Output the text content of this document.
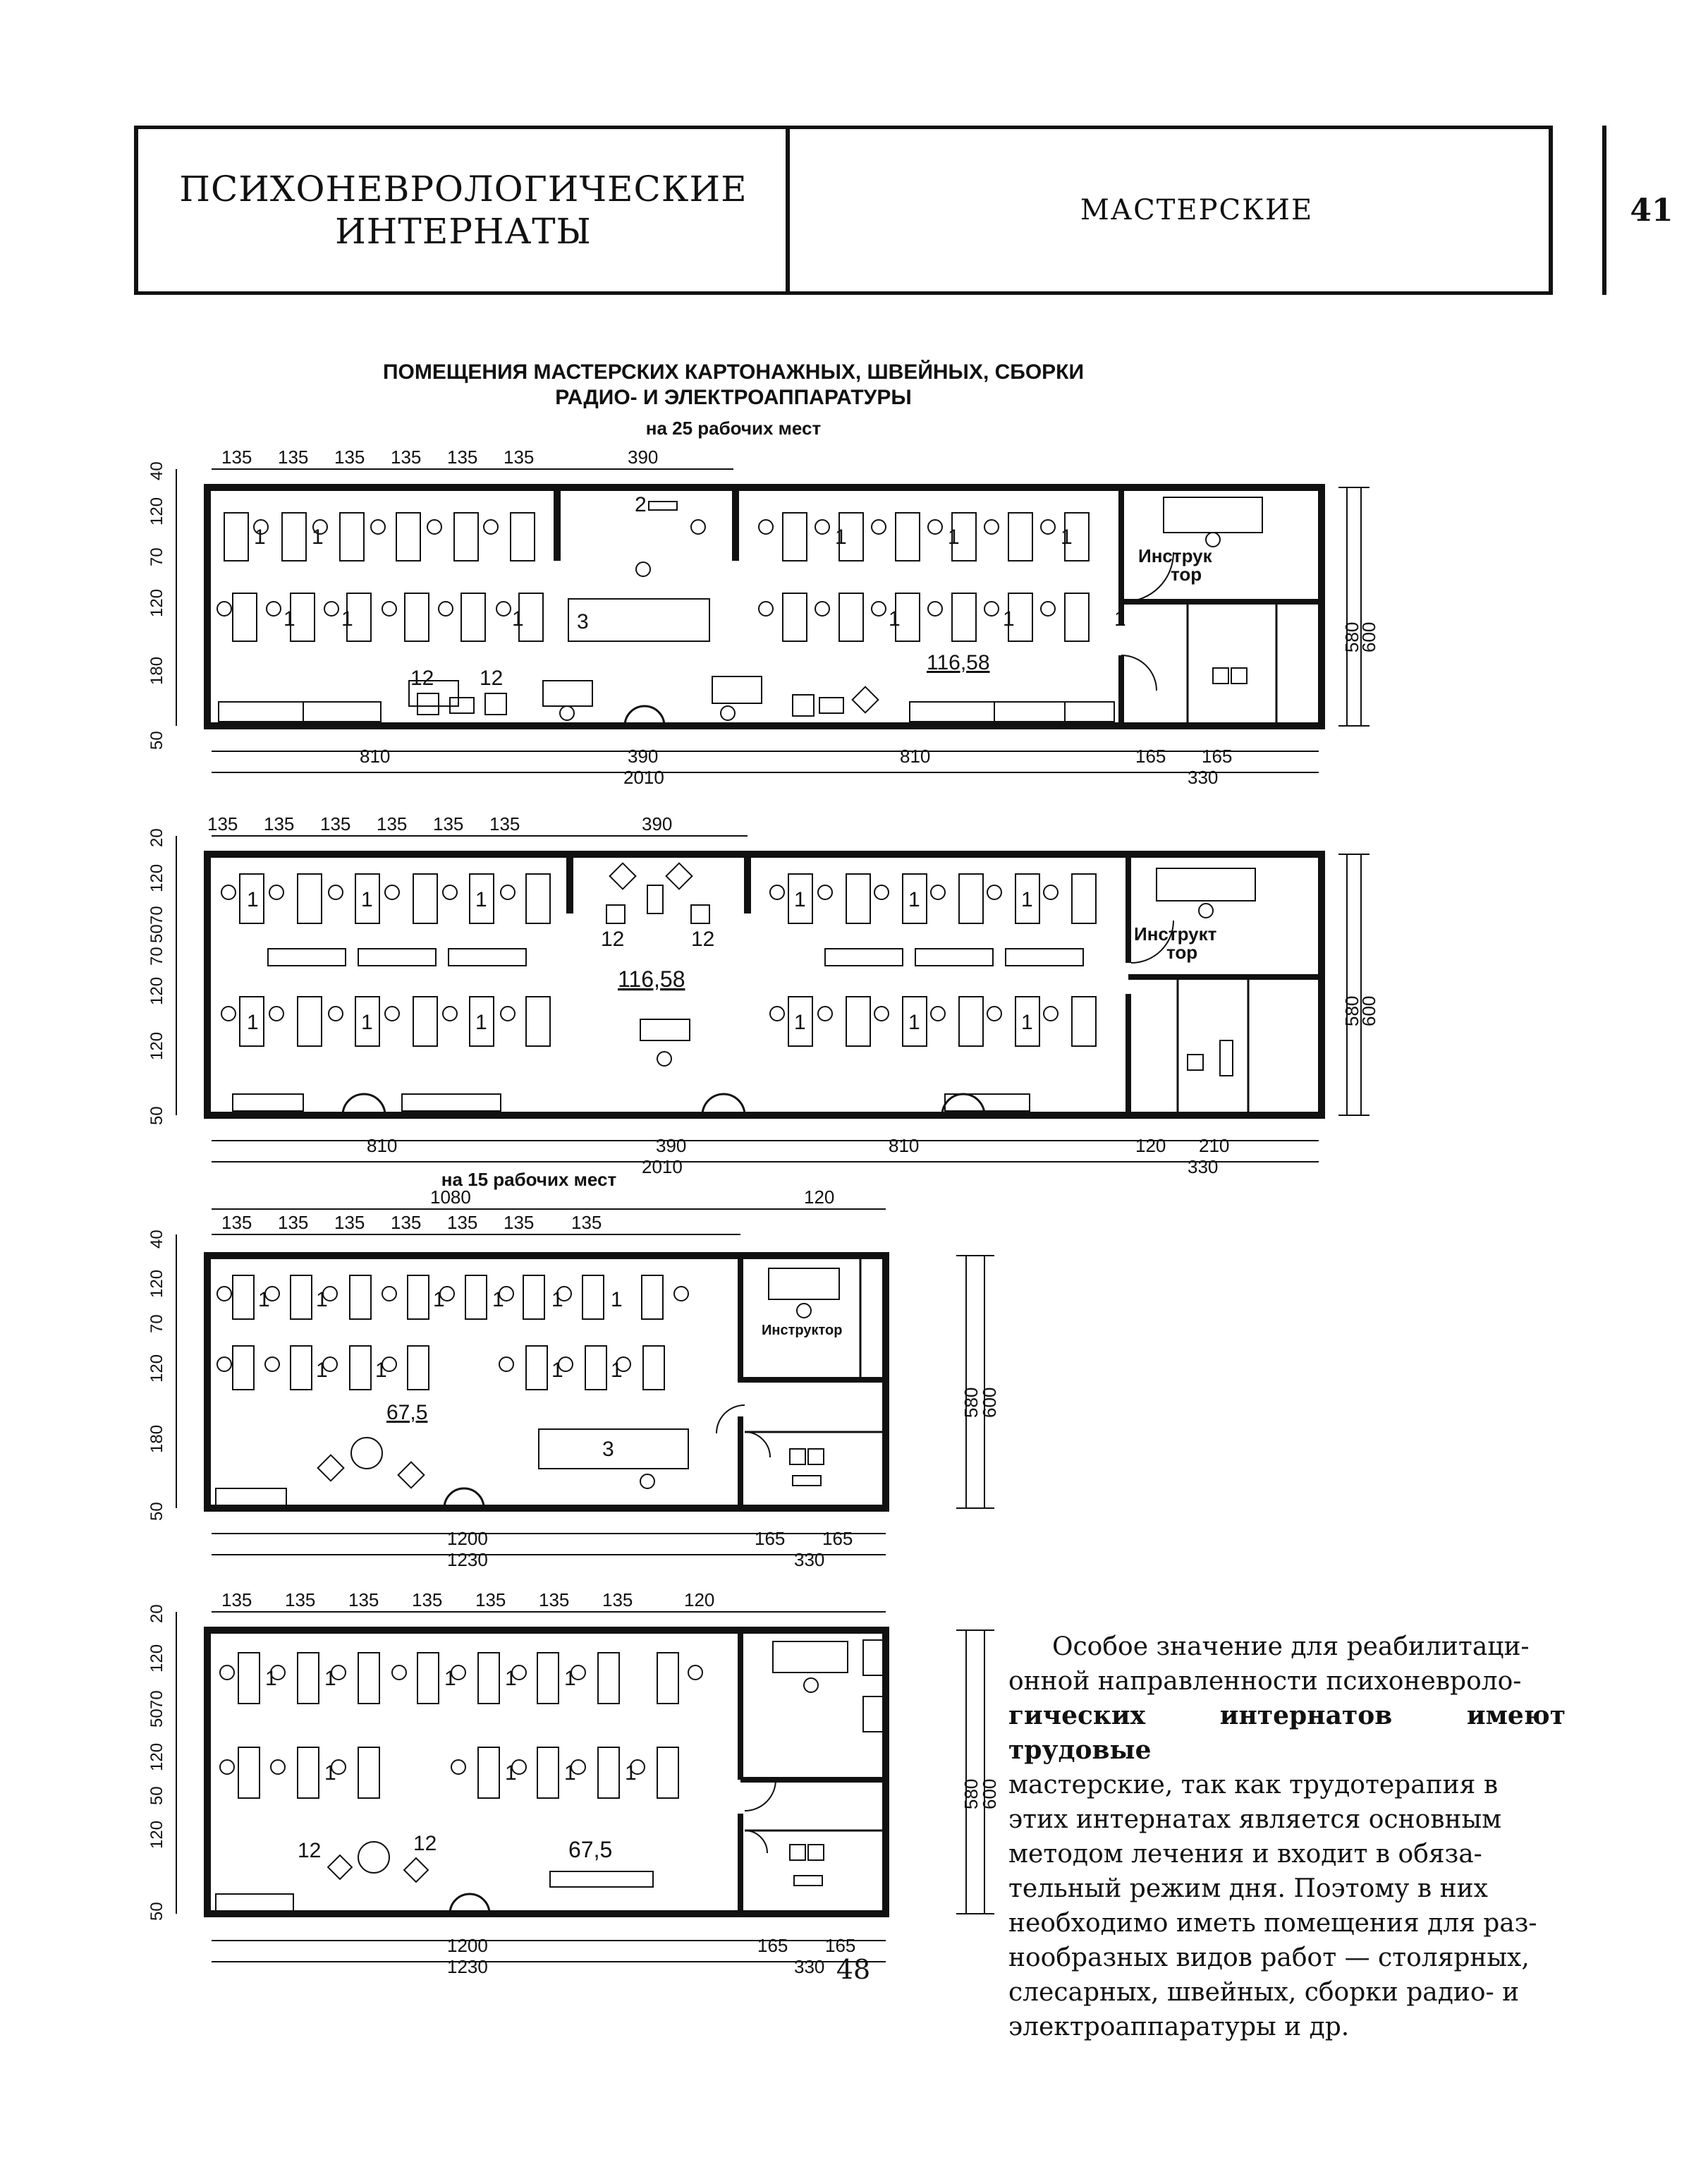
ПСИХОНЕВРОЛОГИЧЕСКИЕ
ИНТЕРНАТЫ
МАСТЕРСКИЕ	41
ПОМЕЩЕНИЯ МАСТЕРСКИХ КАРТОНАЖНЫХ, ШВЕЙНЫХ, СБОРКИ
РАДИО- И ЭЛЕКТРОАППАРАТУРЫ
на 25 рабочих мест
на 15 рабочих мест
135 135 135 135 135 135	390
1 1	1	1	1
1 1	1	1	1	1
2
3
12 12
116,58
Инструк
тор
40
120
70
120
180
50
580
600
810	390	810	165 165
2010	330
135 135 135 135 135 135	390
1	1	1	1	1	1
1	1	1	1	1	1
12	12
116,58
Инструкт
тор
20
120
70
50
70
120
120
50
580
600
810	390	810	120 210
2010	330
1080	120
135 135 135 135 135 135 135
1 1	1 1 1 1
1 1	1 1
3
67,5
Инструктор
40
120
70
120
180
50
580
600
1200	165 165
1230	330
135 135 135 135 135 135 135	120
1 1	1 1 1
1	1 1 1
12	12	67,5
20
120
70
50
120
50
120
50
580
600
1200	165 165
1230	330
Особое значение для реабилитаци-
онной направленности психоневроло-
гических интернатов имеют трудовые
мастерские, так как трудотерапия в
этих интернатах является основным
методом лечения и входит в обяза-
тельный режим дня. Поэтому в них
необходимо иметь помещения для раз-
нообразных видов работ — столярных,
слесарных, швейных, сборки радио- и
электроаппаратуры и др.
48
